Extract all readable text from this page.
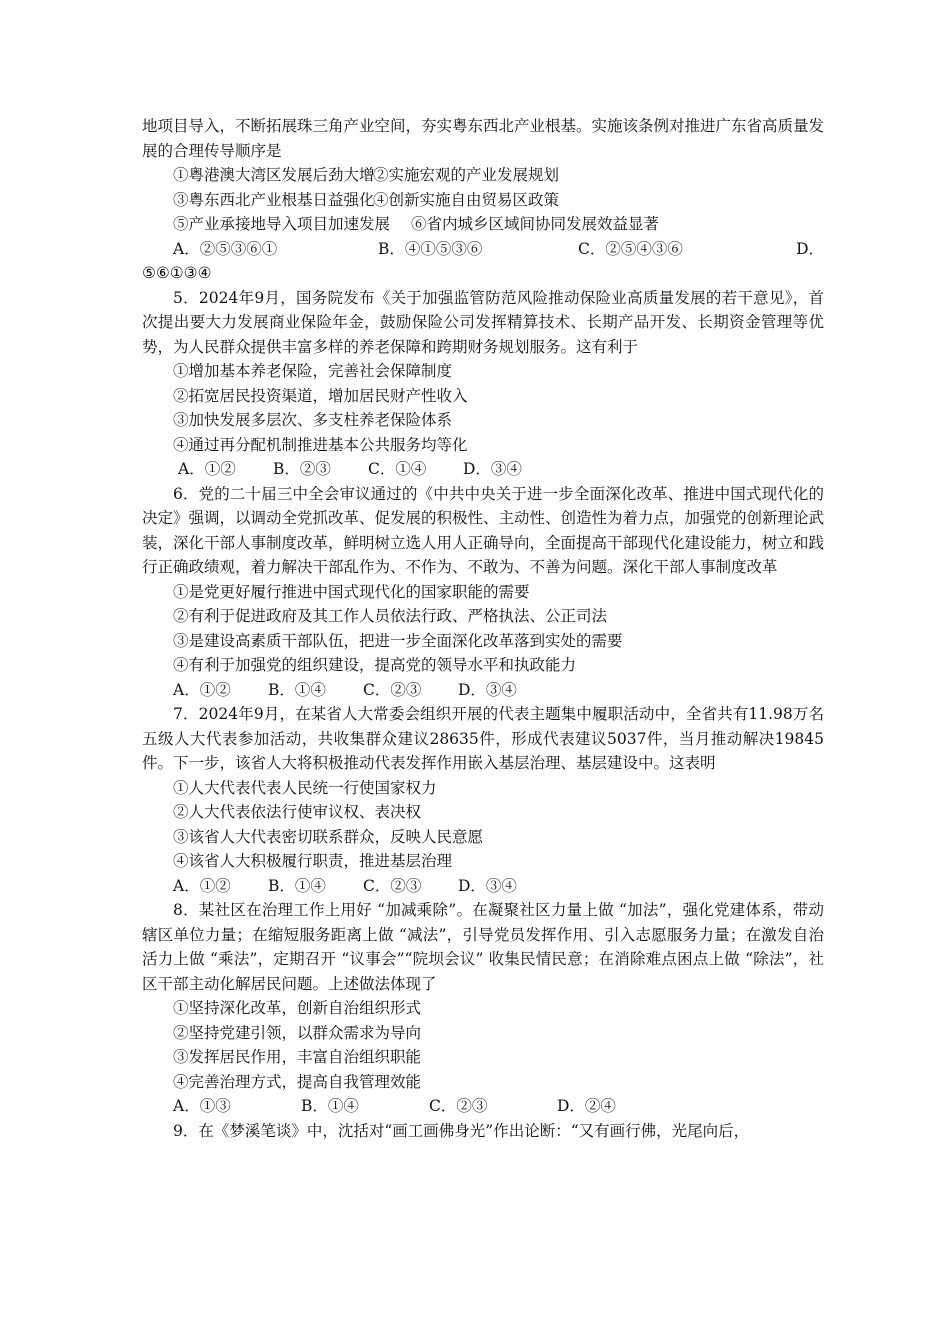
地项目导入，不断拓展珠三角产业空间，夯实粤东西北产业根基。实施该条例对推进广东省高质量发展的合理传导顺序是

①粤港澳大湾区发展后劲大增
②实施宏观的产业发展规划
③粤东西北产业根基日益强化
④创新实施自由贸易区政策
⑤产业承接地导入项目加速发展	⑥省内城乡区域间协同发展效益显著
A．②⑤③⑥①	B．④①⑤③⑥	C．②⑤④③⑥	D．

⑤⑥①③④

5．2024年9月，国务院发布《关于加强监管防范风险推动保险业高质量发展的若干意见》，首次提出要大力发展商业保险年金，鼓励保险公司发挥精算技术、长期产品开发、长期资金管理等优势，为人民群众提供丰富多样的养老保障和跨期财务规划服务。这有利于

①增加基本养老保险，完善社会保障制度

②拓宽居民投资渠道，增加居民财产性收入

③加快发展多层次、多支柱养老保险体系

④通过再分配机制推进基本公共服务均等化

A．①②	B．②③	C．①④	D．③④

6．党的二十届三中全会审议通过的《中共中央关于进一步全面深化改革、推进中国式现代化的决定》强调，以调动全党抓改革、促发展的积极性、主动性、创造性为着力点，加强党的创新理论武装，深化干部人事制度改革，鲜明树立选人用人正确导向，全面提高干部现代化建设能力，树立和践行正确政绩观，着力解决干部乱作为、不作为、不敢为、不善为问题。深化干部人事制度改革

①是党更好履行推进中国式现代化的国家职能的需要

②有利于促进政府及其工作人员依法行政、严格执法、公正司法

③是建设高素质干部队伍，把进一步全面深化改革落到实处的需要

④有利于加强党的组织建设，提高党的领导水平和执政能力

A．①②	B．①④	C．②③	D．③④

7．2024年9月，在某省人大常委会组织开展的代表主题集中履职活动中，全省共有11.98万名五级人大代表参加活动，共收集群众建议28635件，形成代表建议5037件，当月推动解决19845件。下一步，该省人大将积极推动代表发挥作用嵌入基层治理、基层建设中。这表明

①人大代表代表人民统一行使国家权力

②人大代表依法行使审议权、表决权

③该省人大代表密切联系群众，反映人民意愿

④该省人大积极履行职责，推进基层治理

A．①②	B．①④	C．②③	D．③④

8．某社区在治理工作上用好 “加减乘除”。在凝聚社区力量上做 “加法”，强化党建体系，带动辖区单位力量；在缩短服务距离上做 “减法”，引导党员发挥作用、引入志愿服务力量；在激发自治活力上做 “乘法”，定期召开 “议事会”“院坝会议” 收集民情民意；在消除难点困点上做 “除法”，社区干部主动化解居民问题。上述做法体现了

①坚持深化改革，创新自治组织形式

②坚持党建引领，以群众需求为导向

③发挥居民作用，丰富自治组织职能

④完善治理方式，提高自我管理效能

A．①③	B．①④	C．②③	D．②④

9．在《梦溪笔谈》中，沈括对“画工画佛身光”作出论断：“又有画行佛，光尾向后，
